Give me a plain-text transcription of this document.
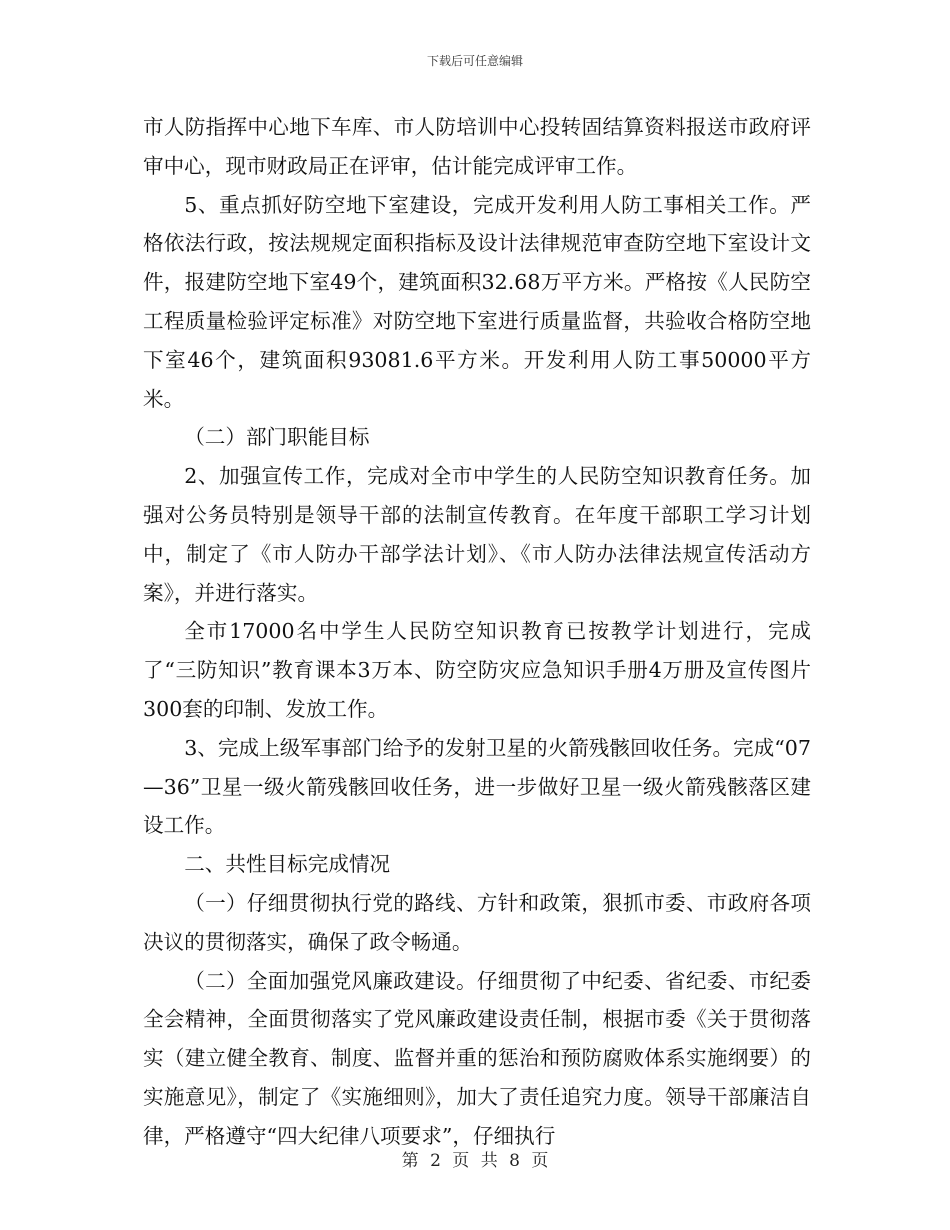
下载后可任意编辑

市人防指挥中心地下车库、市人防培训中心投转固结算资料报送市政府评审中心，现市财政局正在评审，估计能完成评审工作。

5、重点抓好防空地下室建设，完成开发利用人防工事相关工作。严格依法行政，按法规规定面积指标及设计法律规范审查防空地下室设计文件，报建防空地下室49个，建筑面积32.68万平方米。严格按《人民防空工程质量检验评定标准》对防空地下室进行质量监督，共验收合格防空地下室46个，建筑面积93081.6平方米。开发利用人防工事50000平方米。

（二）部门职能目标

2、加强宣传工作，完成对全市中学生的人民防空知识教育任务。加强对公务员特别是领导干部的法制宣传教育。在年度干部职工学习计划中，制定了《市人防办干部学法计划》、《市人防办法律法规宣传活动方案》，并进行落实。

全市17000名中学生人民防空知识教育已按教学计划进行，完成了“三防知识”教育课本3万本、防空防灾应急知识手册4万册及宣传图片300套的印制、发放工作。

3、完成上级军事部门给予的发射卫星的火箭残骸回收任务。完成“07—36”卫星一级火箭残骸回收任务，进一步做好卫星一级火箭残骸落区建设工作。

二、共性目标完成情况

（一）仔细贯彻执行党的路线、方针和政策，狠抓市委、市政府各项决议的贯彻落实，确保了政令畅通。

（二）全面加强党风廉政建设。仔细贯彻了中纪委、省纪委、市纪委全会精神，全面贯彻落实了党风廉政建设责任制，根据市委《关于贯彻落实（建立健全教育、制度、监督并重的惩治和预防腐败体系实施纲要）的实施意见》，制定了《实施细则》，加大了责任追究力度。领导干部廉洁自律，严格遵守“四大纪律八项要求”，仔细执行

第 2 页 共 8 页
